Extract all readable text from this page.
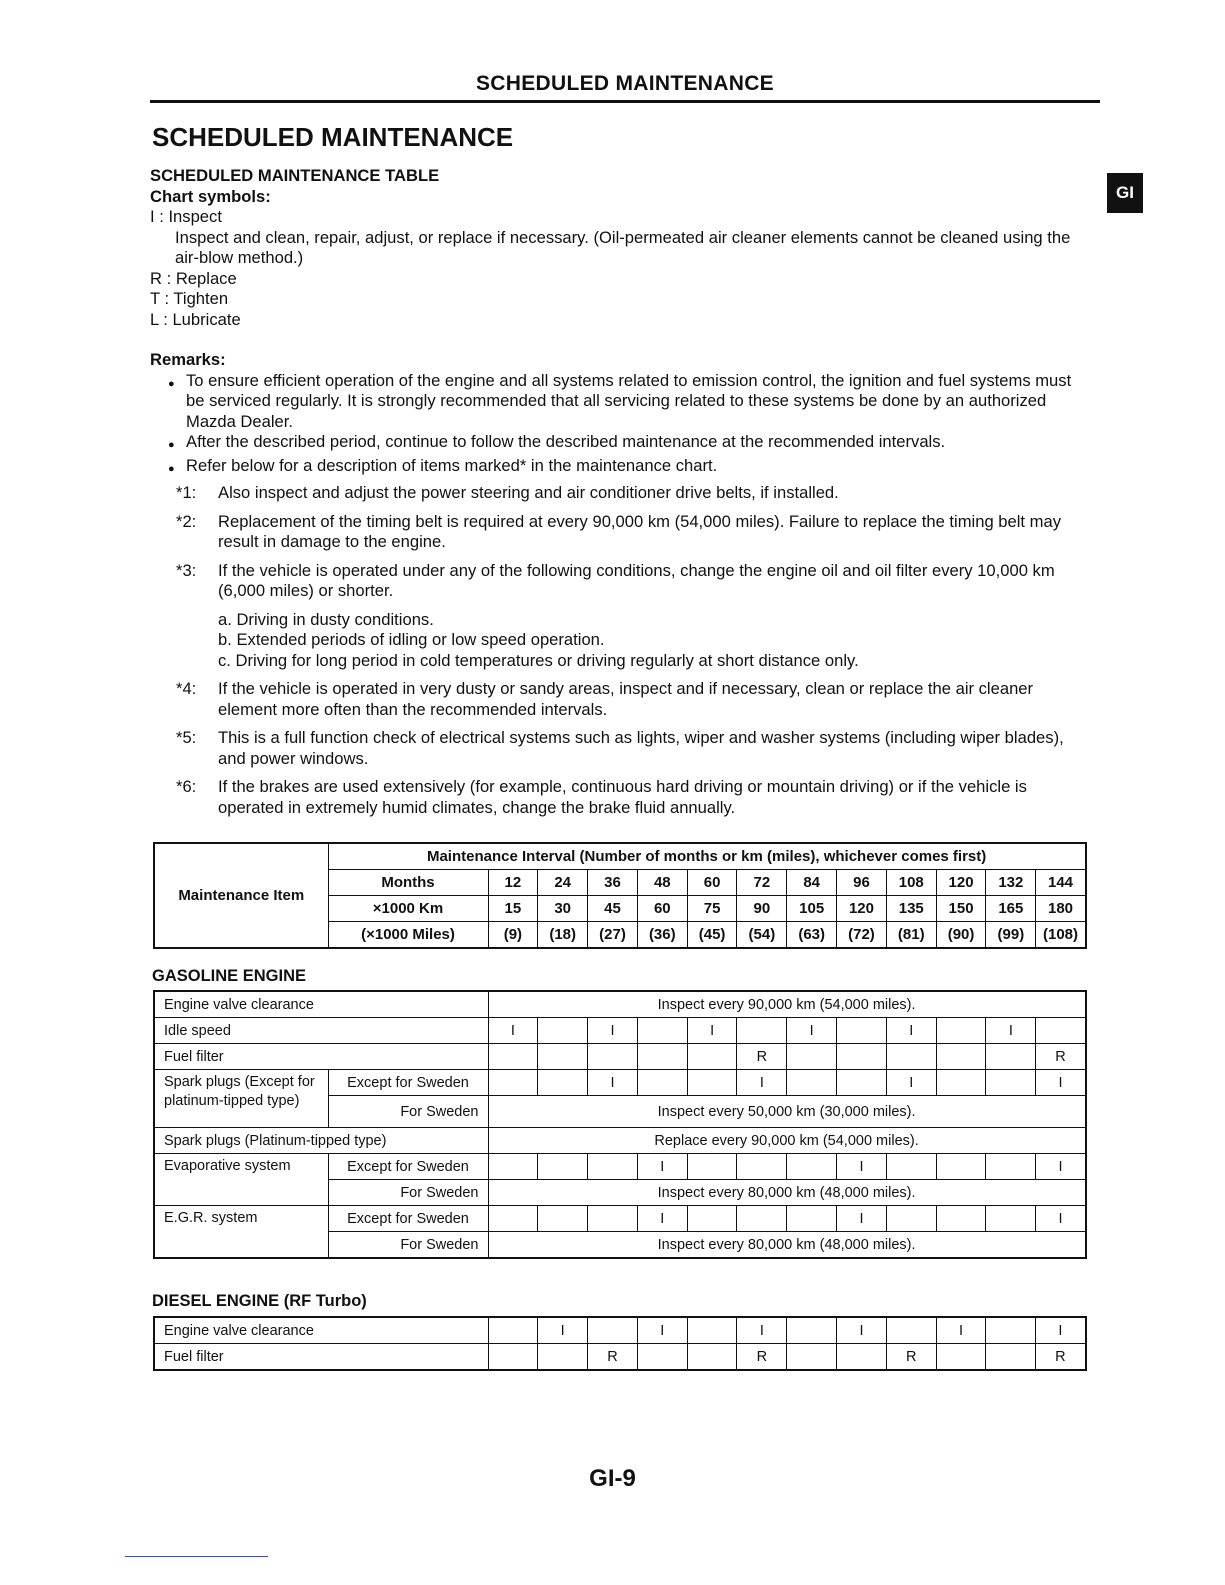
SCHEDULED MAINTENANCE
SCHEDULED MAINTENANCE
GI
SCHEDULED MAINTENANCE TABLE
Chart symbols:
I : Inspect
Inspect and clean, repair, adjust, or replace if necessary. (Oil-permeated air cleaner elements cannot be cleaned using the air-blow method.)
R : Replace
T : Tighten
L : Lubricate
Remarks:
● To ensure efficient operation of the engine and all systems related to emission control, the ignition and fuel systems must be serviced regularly. It is strongly recommended that all servicing related to these systems be done by an authorized Mazda Dealer.
● After the described period, continue to follow the described maintenance at the recommended intervals.
● Refer below for a description of items marked* in the maintenance chart.
*1:	Also inspect and adjust the power steering and air conditioner drive belts, if installed.
*2:	Replacement of the timing belt is required at every 90,000 km (54,000 miles). Failure to replace the timing belt may result in damage to the engine.
*3:	If the vehicle is operated under any of the following conditions, change the engine oil and oil filter every 10,000 km (6,000 miles) or shorter.
a. Driving in dusty conditions.
b. Extended periods of idling or low speed operation.
c. Driving for long period in cold temperatures or driving regularly at short distance only.
*4:	If the vehicle is operated in very dusty or sandy areas, inspect and if necessary, clean or replace the air cleaner element more often than the recommended intervals.
*5:	This is a full function check of electrical systems such as lights, wiper and washer systems (including wiper blades), and power windows.
*6:	If the brakes are used extensively (for example, continuous hard driving or mountain driving) or if the vehicle is operated in extremely humid climates, change the brake fluid annually.
Maintenance Item	Maintenance Interval (Number of months or km (miles), whichever comes first)												
	Months	12	24	36	48	60	72	84	96	108	120	132	144
	×1000 Km	15	30	45	60	75	90	105	120	135	150	165	180
	(×1000 Miles)	(9)	(18)	(27)	(36)	(45)	(54)	(63)	(72)	(81)	(90)	(99)	(108)
GASOLINE ENGINE
Engine valve clearance		Inspect every 90,000 km (54,000 miles).											
Idle speed		I		I		I		I		I		I	
Fuel filter							R						R
Spark plugs (Except for platinum-tipped type)	Except for Sweden			I			I			I			I
	For Sweden	Inspect every 50,000 km (30,000 miles).											
Spark plugs (Platinum-tipped type)		Replace every 90,000 km (54,000 miles).											
Evaporative system	Except for Sweden				I				I				I
	For Sweden	Inspect every 80,000 km (48,000 miles).											
E.G.R. system	Except for Sweden				I				I				I
	For Sweden	Inspect every 80,000 km (48,000 miles).											
DIESEL ENGINE (RF Turbo)
Engine valve clearance		I		I		I		I		I		I
Fuel filter			R			R			R			R
GI-9
